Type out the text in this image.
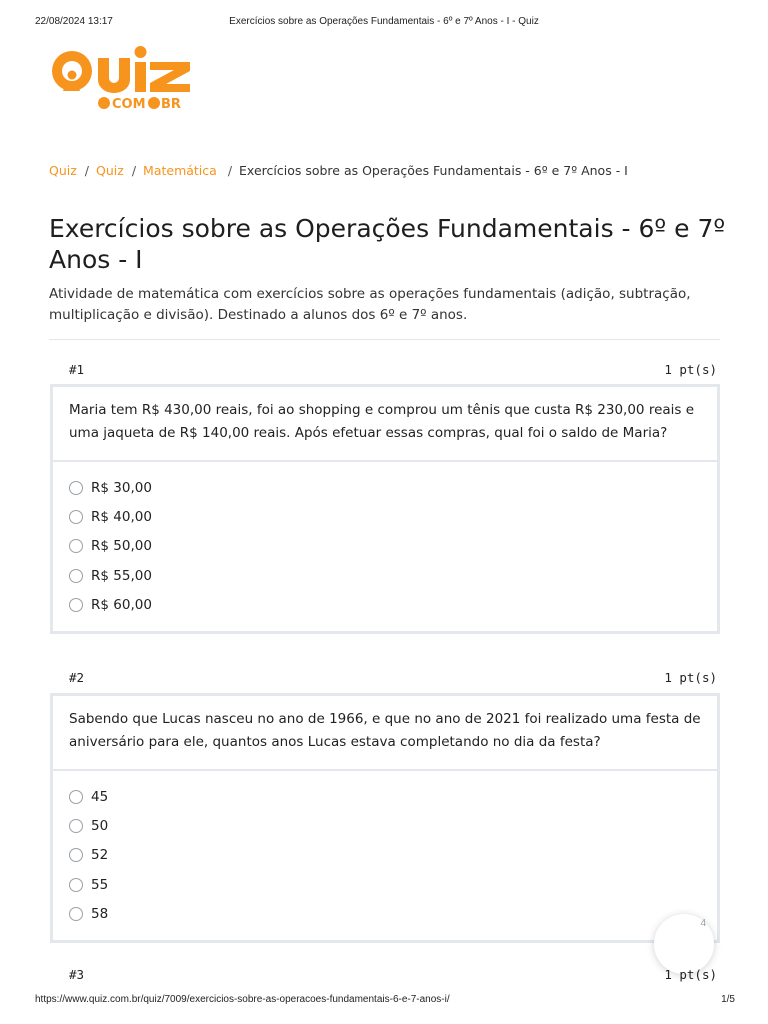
22/08/2024 13:17	Exercícios sobre as Operações Fundamentais - 6º e 7º Anos - I - Quiz
COM BR
Quiz / Quiz / Matemática / Exercícios sobre as Operações Fundamentais - 6º e 7º Anos - I
Exercícios sobre as Operações Fundamentais - 6º e 7º Anos - I

Atividade de matemática com exercícios sobre as operações fundamentais (adição, subtração, multiplicação e divisão). Destinado a alunos dos 6º e 7º anos.

#1	1 pt(s)
Maria tem R$ 430,00 reais, foi ao shopping e comprou um tênis que custa R$ 230,00 reais e uma jaqueta de R$ 140,00 reais. Após efetuar essas compras, qual foi o saldo de Maria?
R$ 30,00
R$ 40,00
R$ 50,00
R$ 55,00
R$ 60,00
#2	1 pt(s)
Sabendo que Lucas nasceu no ano de 1966, e que no ano de 2021 foi realizado uma festa de aniversário para ele, quantos anos Lucas estava completando no dia da festa?
45
50
52
55
58
4
#3	1 pt(s)
https://www.quiz.com.br/quiz/7009/exercicios-sobre-as-operacoes-fundamentais-6-e-7-anos-i/	1/5
